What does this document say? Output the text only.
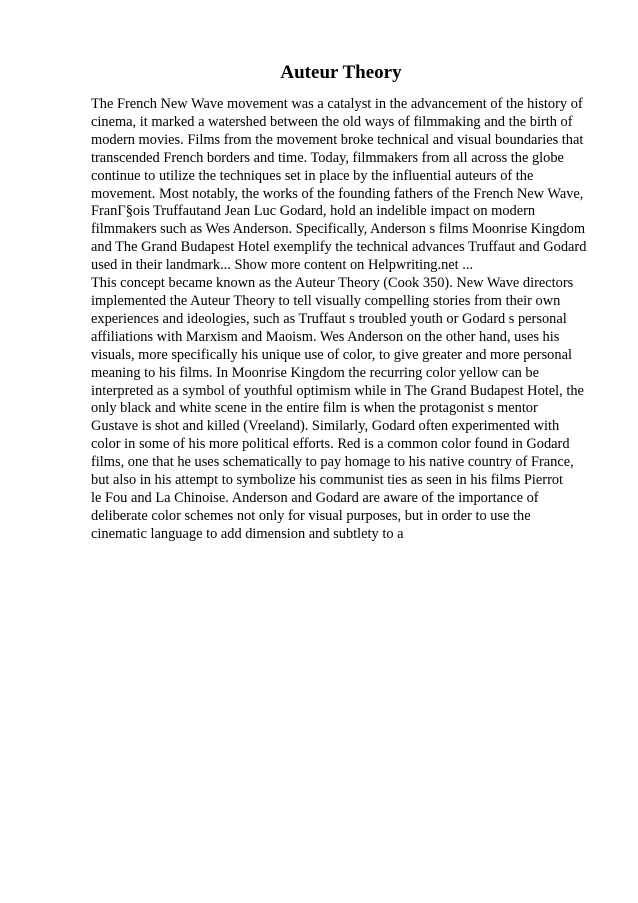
Auteur Theory
The French New Wave movement was a catalyst in the advancement of the history of
cinema, it marked a watershed between the old ways of filmmaking and the birth of
modern movies. Films from the movement broke technical and visual boundaries that
transcended French borders and time. Today, filmmakers from all across the globe
continue to utilize the techniques set in place by the influential auteurs of the
movement. Most notably, the works of the founding fathers of the French New Wave,
FranГ§ois Truffautand Jean Luc Godard, hold an indelible impact on modern
filmmakers such as Wes Anderson. Specifically, Anderson s films Moonrise Kingdom
and The Grand Budapest Hotel exemplify the technical advances Truffaut and Godard
used in their landmark... Show more content on Helpwriting.net ...
This concept became known as the Auteur Theory (Cook 350). New Wave directors
implemented the Auteur Theory to tell visually compelling stories from their own
experiences and ideologies, such as Truffaut s troubled youth or Godard s personal
affiliations with Marxism and Maoism. Wes Anderson on the other hand, uses his
visuals, more specifically his unique use of color, to give greater and more personal
meaning to his films. In Moonrise Kingdom the recurring color yellow can be
interpreted as a symbol of youthful optimism while in The Grand Budapest Hotel, the
only black and white scene in the entire film is when the protagonist s mentor
Gustave is shot and killed (Vreeland). Similarly, Godard often experimented with
color in some of his more political efforts. Red is a common color found in Godard
films, one that he uses schematically to pay homage to his native country of France,
but also in his attempt to symbolize his communist ties as seen in his films Pierrot
le Fou and La Chinoise. Anderson and Godard are aware of the importance of
deliberate color schemes not only for visual purposes, but in order to use the
cinematic language to add dimension and subtlety to a
